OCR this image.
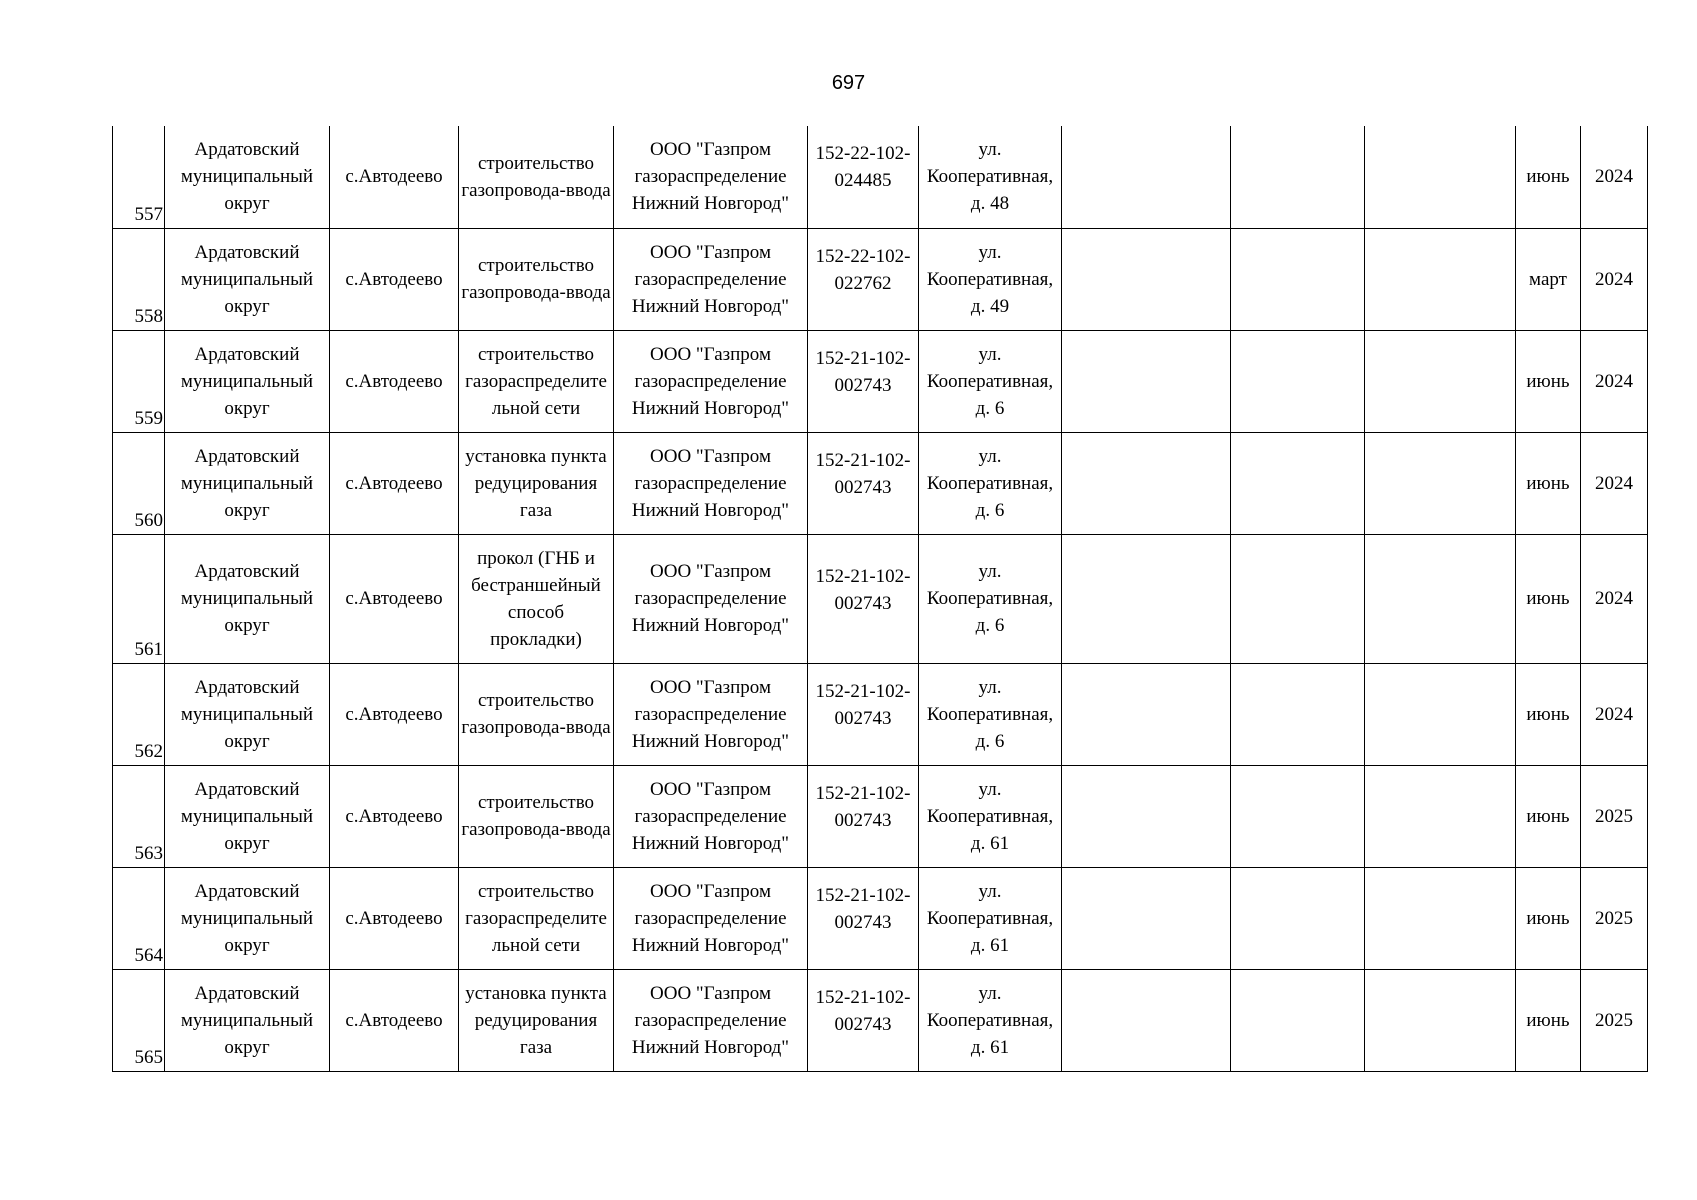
697
557	Ардатовский муниципальный округ	с.Автодеево	строительство газопровода-ввода	ООО "Газпром газораспределение Нижний Новгород"	152-22-102-024485	ул. Кооперативная, д. 48				июнь	2024
558	Ардатовский муниципальный округ	с.Автодеево	строительство газопровода-ввода	ООО "Газпром газораспределение Нижний Новгород"	152-22-102-022762	ул. Кооперативная, д. 49				март	2024
559	Ардатовский муниципальный округ	с.Автодеево	строительство газораспределительной сети	ООО "Газпром газораспределение Нижний Новгород"	152-21-102-002743	ул. Кооперативная, д. 6				июнь	2024
560	Ардатовский муниципальный округ	с.Автодеево	установка пункта редуцирования газа	ООО "Газпром газораспределение Нижний Новгород"	152-21-102-002743	ул. Кооперативная, д. 6				июнь	2024
561	Ардатовский муниципальный округ	с.Автодеево	прокол (ГНБ и бестраншейный способ прокладки)	ООО "Газпром газораспределение Нижний Новгород"	152-21-102-002743	ул. Кооперативная, д. 6				июнь	2024
562	Ардатовский муниципальный округ	с.Автодеево	строительство газопровода-ввода	ООО "Газпром газораспределение Нижний Новгород"	152-21-102-002743	ул. Кооперативная, д. 6				июнь	2024
563	Ардатовский муниципальный округ	с.Автодеево	строительство газопровода-ввода	ООО "Газпром газораспределение Нижний Новгород"	152-21-102-002743	ул. Кооперативная, д. 61				июнь	2025
564	Ардатовский муниципальный округ	с.Автодеево	строительство газораспределительной сети	ООО "Газпром газораспределение Нижний Новгород"	152-21-102-002743	ул. Кооперативная, д. 61				июнь	2025
565	Ардатовский муниципальный округ	с.Автодеево	установка пункта редуцирования газа	ООО "Газпром газораспределение Нижний Новгород"	152-21-102-002743	ул. Кооперативная, д. 61				июнь	2025
